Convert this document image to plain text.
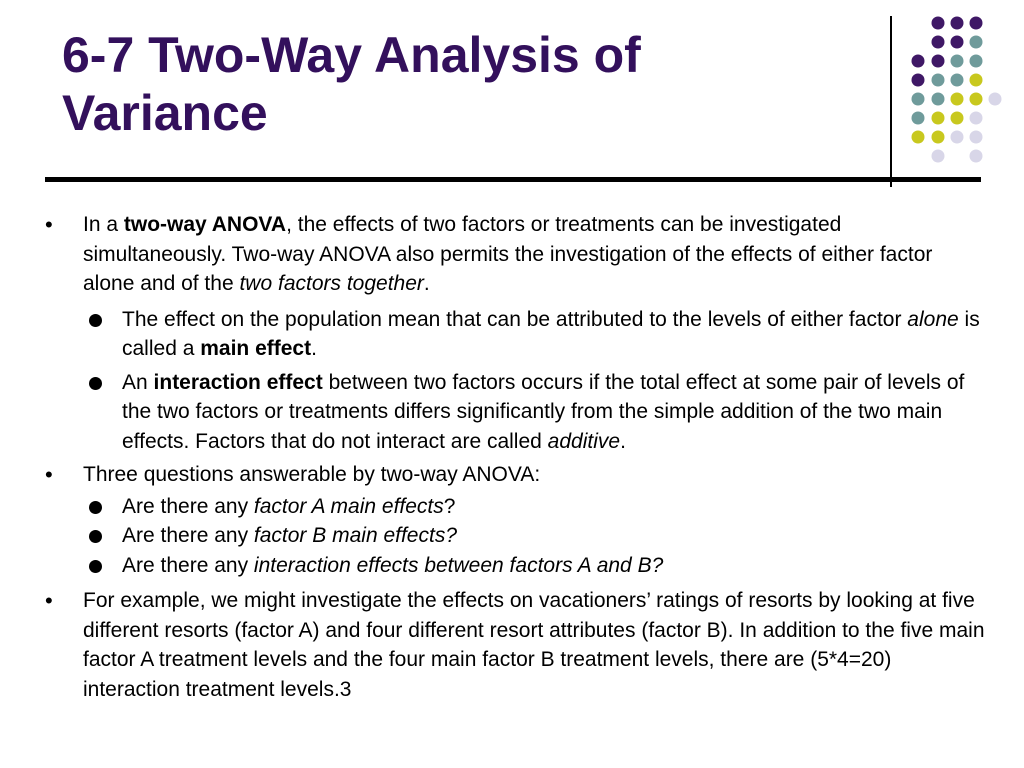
6-7 Two-Way Analysis of
Variance
• In a two-way ANOVA, the effects of two factors or treatments can be investigated simultaneously. Two-way ANOVA also permits the investigation of the effects of either factor alone and of the two factors together.
The effect on the population mean that can be attributed to the levels of either factor alone is called a main effect.
An interaction effect between two factors occurs if the total effect at some pair of levels of the two factors or treatments differs significantly from the simple addition of the two main effects. Factors that do not interact are called additive.
• Three questions answerable by two-way ANOVA:
Are there any factor A main effects?
Are there any factor B main effects?
Are there any interaction effects between factors A and B?
• For example, we might investigate the effects on vacationers’ ratings of resorts by looking at five different resorts (factor A) and four different resort attributes (factor B). In addition to the five main factor A treatment levels and the four main factor B treatment levels, there are (5*4=20) interaction treatment levels.3
